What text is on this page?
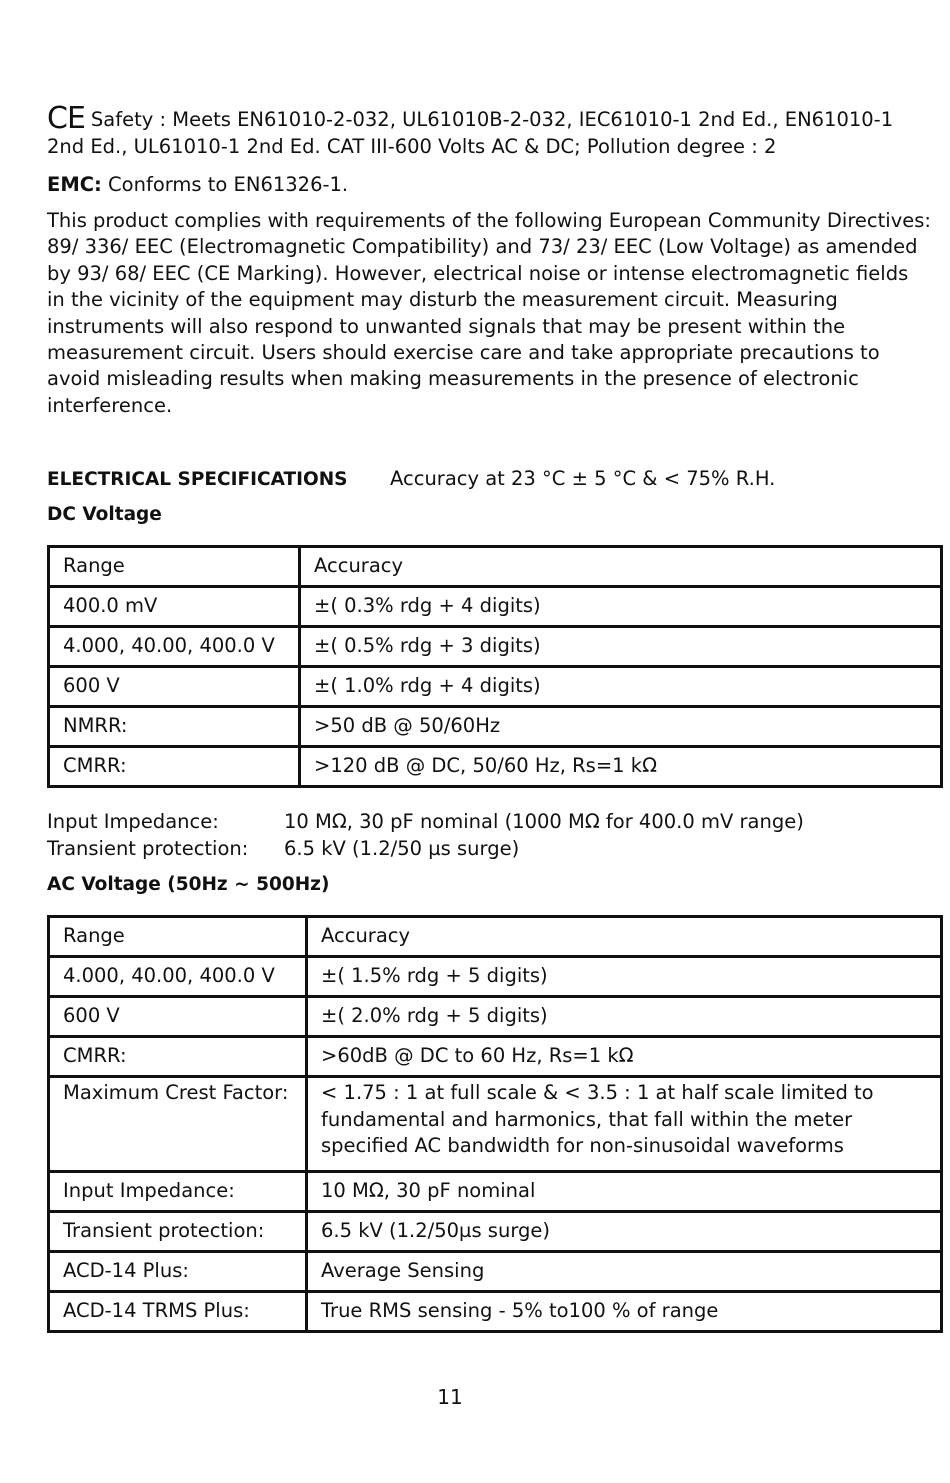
CE Safety : Meets EN61010-2-032, UL61010B-2-032, IEC61010-1 2nd Ed., EN61010-1 2nd Ed., UL61010-1 2nd Ed. CAT III-600 Volts AC & DC; Pollution degree : 2
EMC: Conforms to EN61326-1.
This product complies with requirements of the following European Community Directives: 89/ 336/ EEC (Electromagnetic Compatibility) and 73/ 23/ EEC (Low Voltage) as amended by 93/ 68/ EEC (CE Marking). However, electrical noise or intense electromagnetic fields in the vicinity of the equipment may disturb the measurement circuit. Measuring instruments will also respond to unwanted signals that may be present within the measurement circuit. Users should exercise care and take appropriate precautions to avoid misleading results when making measurements in the presence of electronic interference.
ELECTRICAL SPECIFICATIONS Accuracy at 23 °C ± 5 °C & < 75% R.H.
DC Voltage
Range	Accuracy
400.0 mV	±( 0.3% rdg + 4 digits)
4.000, 40.00, 400.0 V	±( 0.5% rdg + 3 digits)
600 V	±( 1.0% rdg + 4 digits)
NMRR:	>50 dB @ 50/60Hz
CMRR:	>120 dB @ DC, 50/60 Hz, Rs=1 kΩ
Input Impedance:	10 MΩ, 30 pF nominal (1000 MΩ for 400.0 mV range)
Transient protection: 6.5 kV (1.2/50 µs surge)
AC Voltage (50Hz ~ 500Hz)
Range	Accuracy
4.000, 40.00, 400.0 V	±( 1.5% rdg + 5 digits)
600 V	±( 2.0% rdg + 5 digits)
CMRR:	>60dB @ DC to 60 Hz, Rs=1 kΩ
Maximum Crest Factor:	< 1.75 : 1 at full scale & < 3.5 : 1 at half scale limited to fundamental and harmonics, that fall within the meter specified AC bandwidth for non-sinusoidal waveforms
Input Impedance:	10 MΩ, 30 pF nominal
Transient protection:	6.5 kV (1.2/50µs surge)
ACD-14 Plus:	Average Sensing
ACD-14 TRMS Plus:	True RMS sensing - 5% to100 % of range
11
